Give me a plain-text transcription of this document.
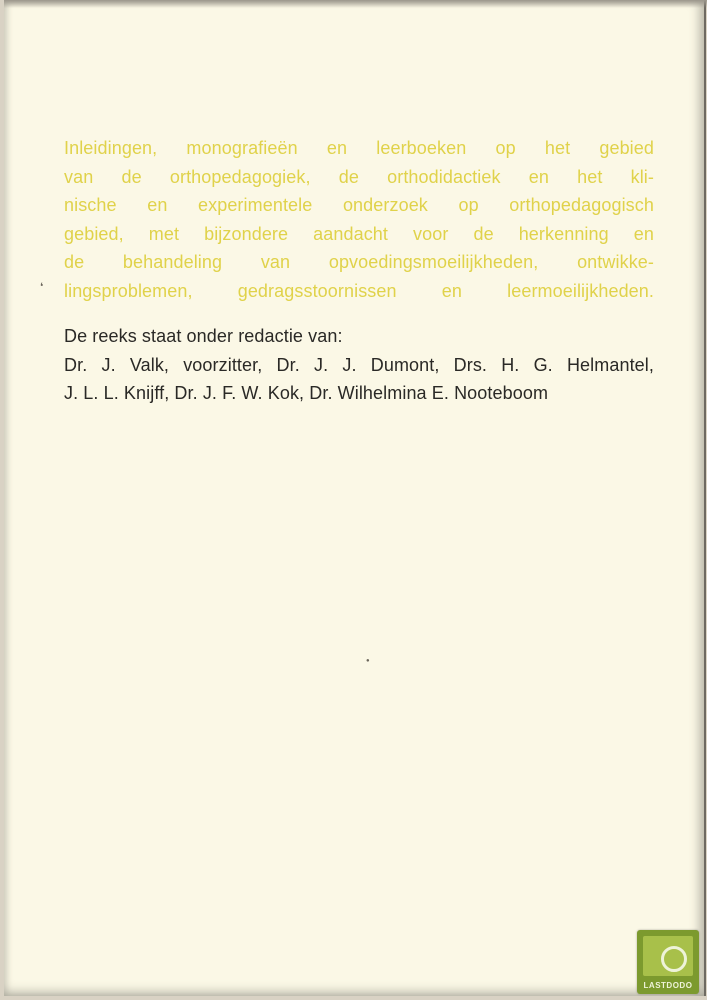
Inleidingen, monografieën en leerboeken op het gebied
van de orthopedagogiek, de orthodidactiek en het kli-
nische en experimentele onderzoek op orthopedagogisch
gebied, met bijzondere aandacht voor de herkenning en
de behandeling van opvoedingsmoeilijkheden, ontwikke-
lingsproblemen, gedragsstoornissen en leermoeilijkheden.
De reeks staat onder redactie van:
Dr. J. Valk, voorzitter, Dr. J. J. Dumont, Drs. H. G. Helmantel,
J. L. L. Knijff, Dr. J. F. W. Kok, Dr. Wilhelmina E. Nooteboom
❛
●
LASTDODO
